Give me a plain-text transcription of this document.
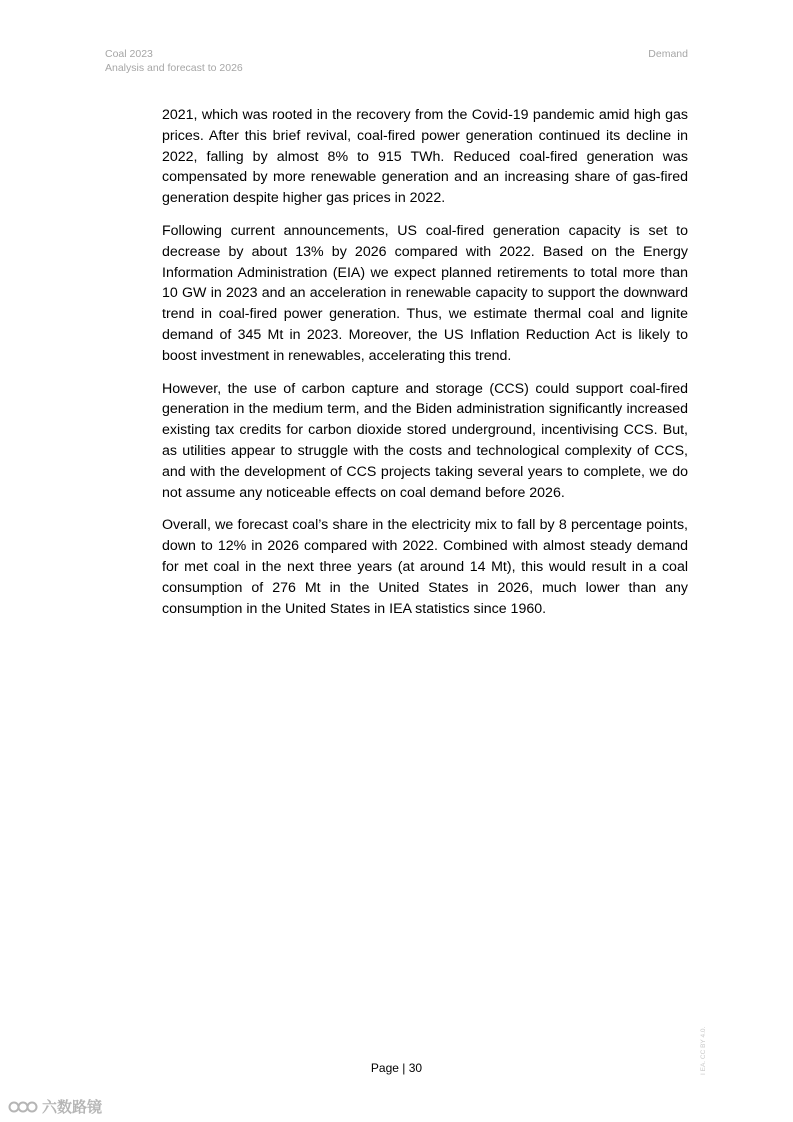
Coal 2023
Analysis and forecast to 2026
Demand

2021, which was rooted in the recovery from the Covid-19 pandemic amid high gas prices. After this brief revival, coal-fired power generation continued its decline in 2022, falling by almost 8% to 915 TWh. Reduced coal-fired generation was compensated by more renewable generation and an increasing share of gas-fired generation despite higher gas prices in 2022.

Following current announcements, US coal-fired generation capacity is set to decrease by about 13% by 2026 compared with 2022. Based on the Energy Information Administration (EIA) we expect planned retirements to total more than 10 GW in 2023 and an acceleration in renewable capacity to support the downward trend in coal-fired power generation. Thus, we estimate thermal coal and lignite demand of 345 Mt in 2023. Moreover, the US Inflation Reduction Act is likely to boost investment in renewables, accelerating this trend.

However, the use of carbon capture and storage (CCS) could support coal-fired generation in the medium term, and the Biden administration significantly increased existing tax credits for carbon dioxide stored underground, incentivising CCS. But, as utilities appear to struggle with the costs and technological complexity of CCS, and with the development of CCS projects taking several years to complete, we do not assume any noticeable effects on coal demand before 2026.

Overall, we forecast coal’s share in the electricity mix to fall by 8 percentage points, down to 12% in 2026 compared with 2022. Combined with almost steady demand for met coal in the next three years (at around 14 Mt), this would result in a coal consumption of 276 Mt in the United States in 2026, much lower than any consumption in the United States in IEA statistics since 1960.

Page | 30	I EA. CC BY 4.0.
六数路镜
